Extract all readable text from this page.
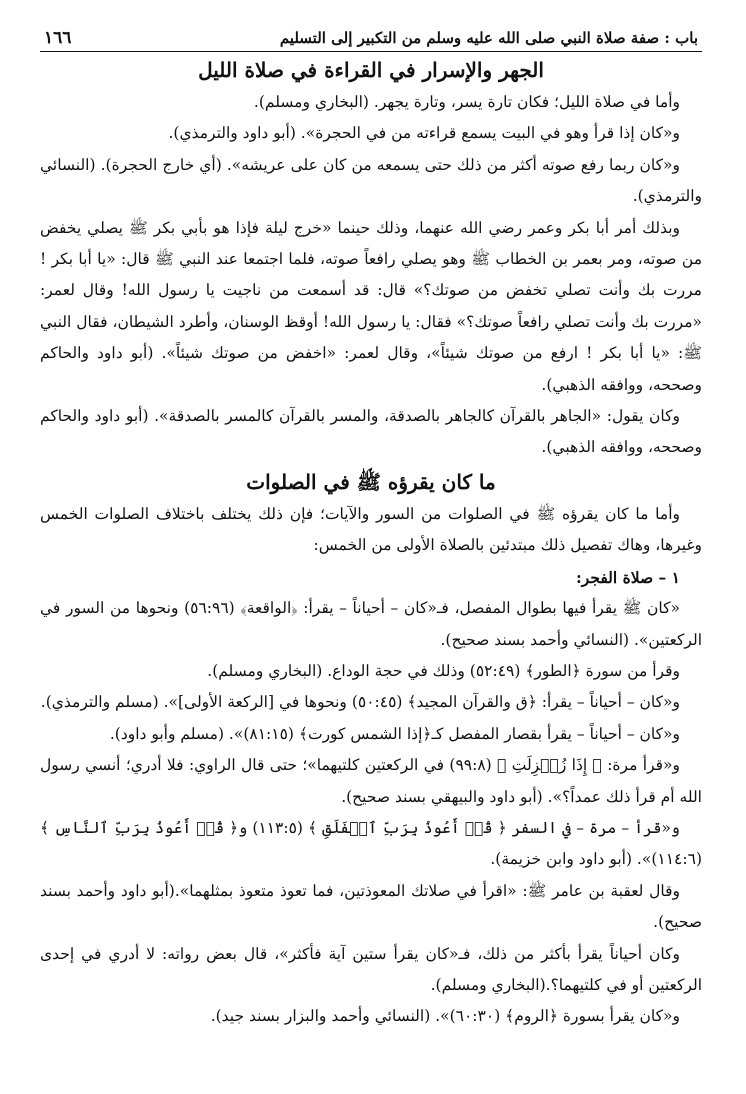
باب : صفة صلاة النبي صلى الله عليه وسلم من التكبير إلى التسليم
١٦٦
الجهر والإسرار في القراءة في صلاة الليل

وأما في صلاة الليل؛ فكان تارة يسر، وتارة يجهر. (البخاري ومسلم).

و«كان إذا قرأ وهو في البيت يسمع قراءته من في الحجرة». (أبو داود والترمذي).

و«كان ربما رفع صوته أكثر من ذلك حتى يسمعه من كان على عريشه». (أي خارج الحجرة). (النسائي والترمذي).

وبذلك أمر أبا بكر وعمر رضي الله عنهما، وذلك حينما «خرج ليلة فإذا هو بأبي بكر ﷺ يصلي يخفض من صوته، ومر بعمر بن الخطاب ﷺ وهو يصلي رافعاً صوته، فلما اجتمعا عند النبي ﷺ قال: «يا أبا بكر ! مررت بك وأنت تصلي تخفض من صوتك؟» قال: قد أسمعت من ناجيت يا رسول الله! وقال لعمر: «مررت بك وأنت تصلي رافعاً صوتك؟» فقال: يا رسول الله! أوقظ الوسنان، وأطرد الشيطان، فقال النبي ﷺ: «يا أبا بكر ! ارفع من صوتك شيئاً»، وقال لعمر: «اخفض من صوتك شيئاً». (أبو داود والحاكم وصححه، ووافقه الذهبي).

وكان يقول: «الجاهر بالقرآن كالجاهر بالصدقة، والمسر بالقرآن كالمسر بالصدقة». (أبو داود والحاكم وصححه، ووافقه الذهبي).

ما كان يقرؤه ﷺ في الصلوات

وأما ما كان يقرؤه ﷺ في الصلوات من السور والآيات؛ فإن ذلك يختلف باختلاف الصلوات الخمس وغيرها، وهاك تفصيل ذلك مبتدئين بالصلاة الأولى من الخمس:

١ – صلاة الفجر:

«كان ﷺ يقرأ فيها بطوال المفصل، فـ«كان – أحياناً – يقرأ: ﴿الواقعة﴾ (٥٦:٩٦) ونحوها من السور في الركعتين». (النسائي وأحمد بسند صحيح).

وقرأ من سورة ﴿الطور﴾ (٥٢:٤٩) وذلك في حجة الوداع. (البخاري ومسلم).

و«كان – أحياناً – يقرأ: ﴿ق والقرآن المجيد﴾ (٥٠:٤٥) ونحوها في [الركعة الأولى]». (مسلم والترمذي).

و«كان – أحياناً – يقرأ بقصار المفصل كـ﴿إذا الشمس كورت﴾ (٨١:١٥)». (مسلم وأبو داود).

و«قرأ مرة: ﴿ إِذَا زُلۡزِلَتِ ﴾ (٩٩:٨) في الركعتين كلتيهما»؛ حتى قال الراوي: فلا أدري؛ أنسي رسول الله أم قرأ ذلك عمداً؟». (أبو داود والبيهقي بسند صحيح).

و«قرأ – مرة – في السفر ﴿ قُلۡ أَعُوذُ بِرَبِّ ٱلۡفَلَقِ ﴾ (١١٣:٥) و﴿ قُلۡ أَعُوذُ بِرَبِّ ٱلنَّاسِ ﴾ (١١٤:٦)». (أبو داود وابن خزيمة).

وقال لعقبة بن عامر ﷺ: «اقرأ في صلاتك المعوذتين، فما تعوذ متعوذ بمثلهما».(أبو داود وأحمد بسند صحيح).

وكان أحياناً يقرأ بأكثر من ذلك، فـ«كان يقرأ ستين آية فأكثر»، قال بعض رواته: لا أدري في إحدى الركعتين أو في كلتيهما؟.(البخاري ومسلم).

و«كان يقرأ بسورة ﴿الروم﴾ (٦٠:٣٠)». (النسائي وأحمد والبزار بسند جيد).
